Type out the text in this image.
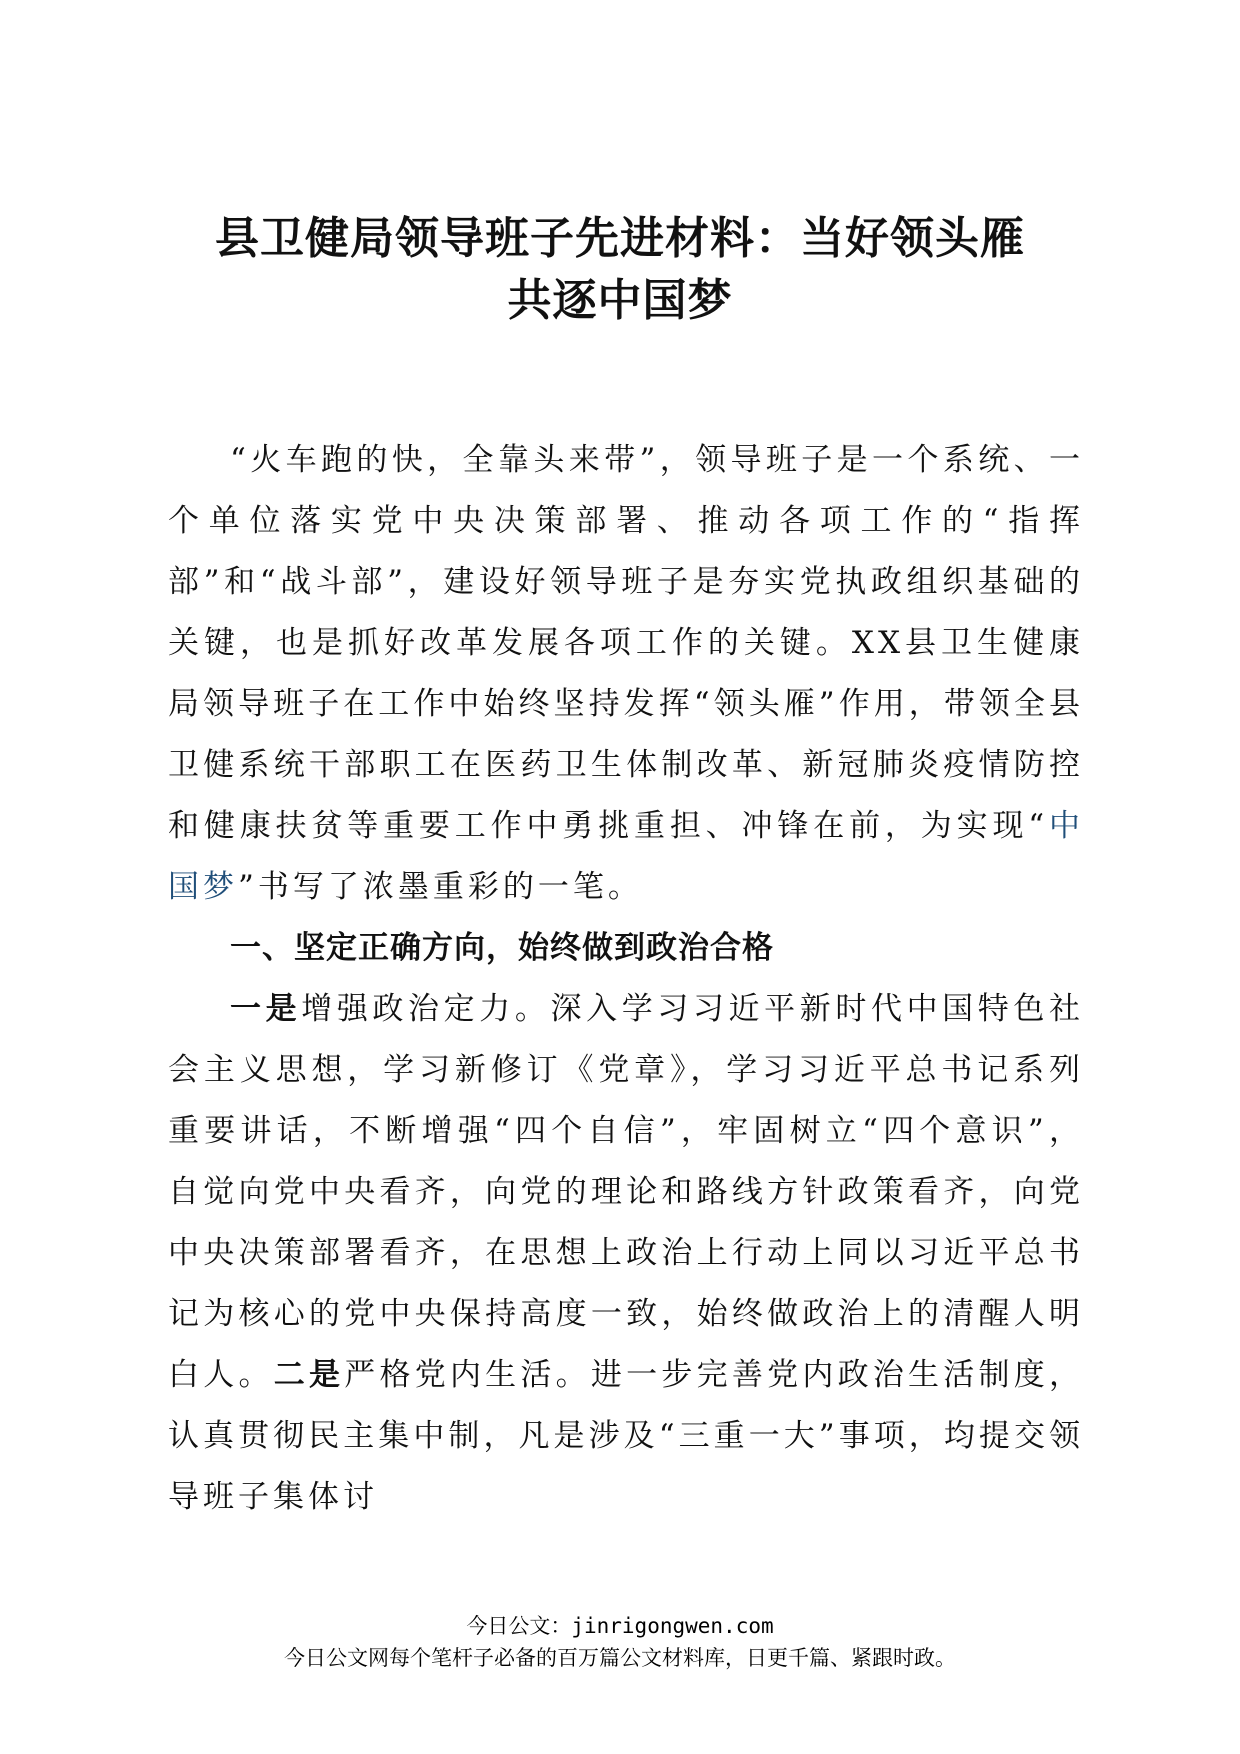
县卫健局领导班子先进材料：当好领头雁
共逐中国梦

“火车跑的快，全靠头来带”，领导班子是一个系统、一个单位落实党中央决策部署、推动各项工作的“指挥部”和“战斗部”，建设好领导班子是夯实党执政组织基础的关键，也是抓好改革发展各项工作的关键。XX县卫生健康局领导班子在工作中始终坚持发挥“领头雁”作用，带领全县卫健系统干部职工在医药卫生体制改革、新冠肺炎疫情防控和健康扶贫等重要工作中勇挑重担、冲锋在前，为实现“中国梦”书写了浓墨重彩的一笔。

一、坚定正确方向，始终做到政治合格

一是增强政治定力。深入学习习近平新时代中国特色社会主义思想，学习新修订《党章》，学习习近平总书记系列重要讲话，不断增强“四个自信”，牢固树立“四个意识”，自觉向党中央看齐，向党的理论和路线方针政策看齐，向党中央决策部署看齐，在思想上政治上行动上同以习近平总书记为核心的党中央保持高度一致，始终做政治上的清醒人明白人。二是严格党内生活。进一步完善党内政治生活制度，认真贯彻民主集中制，凡是涉及“三重一大”事项，均提交领导班子集体讨

今日公文：jinrigongwen.com
今日公文网每个笔杆子必备的百万篇公文材料库，日更千篇、紧跟时政。
